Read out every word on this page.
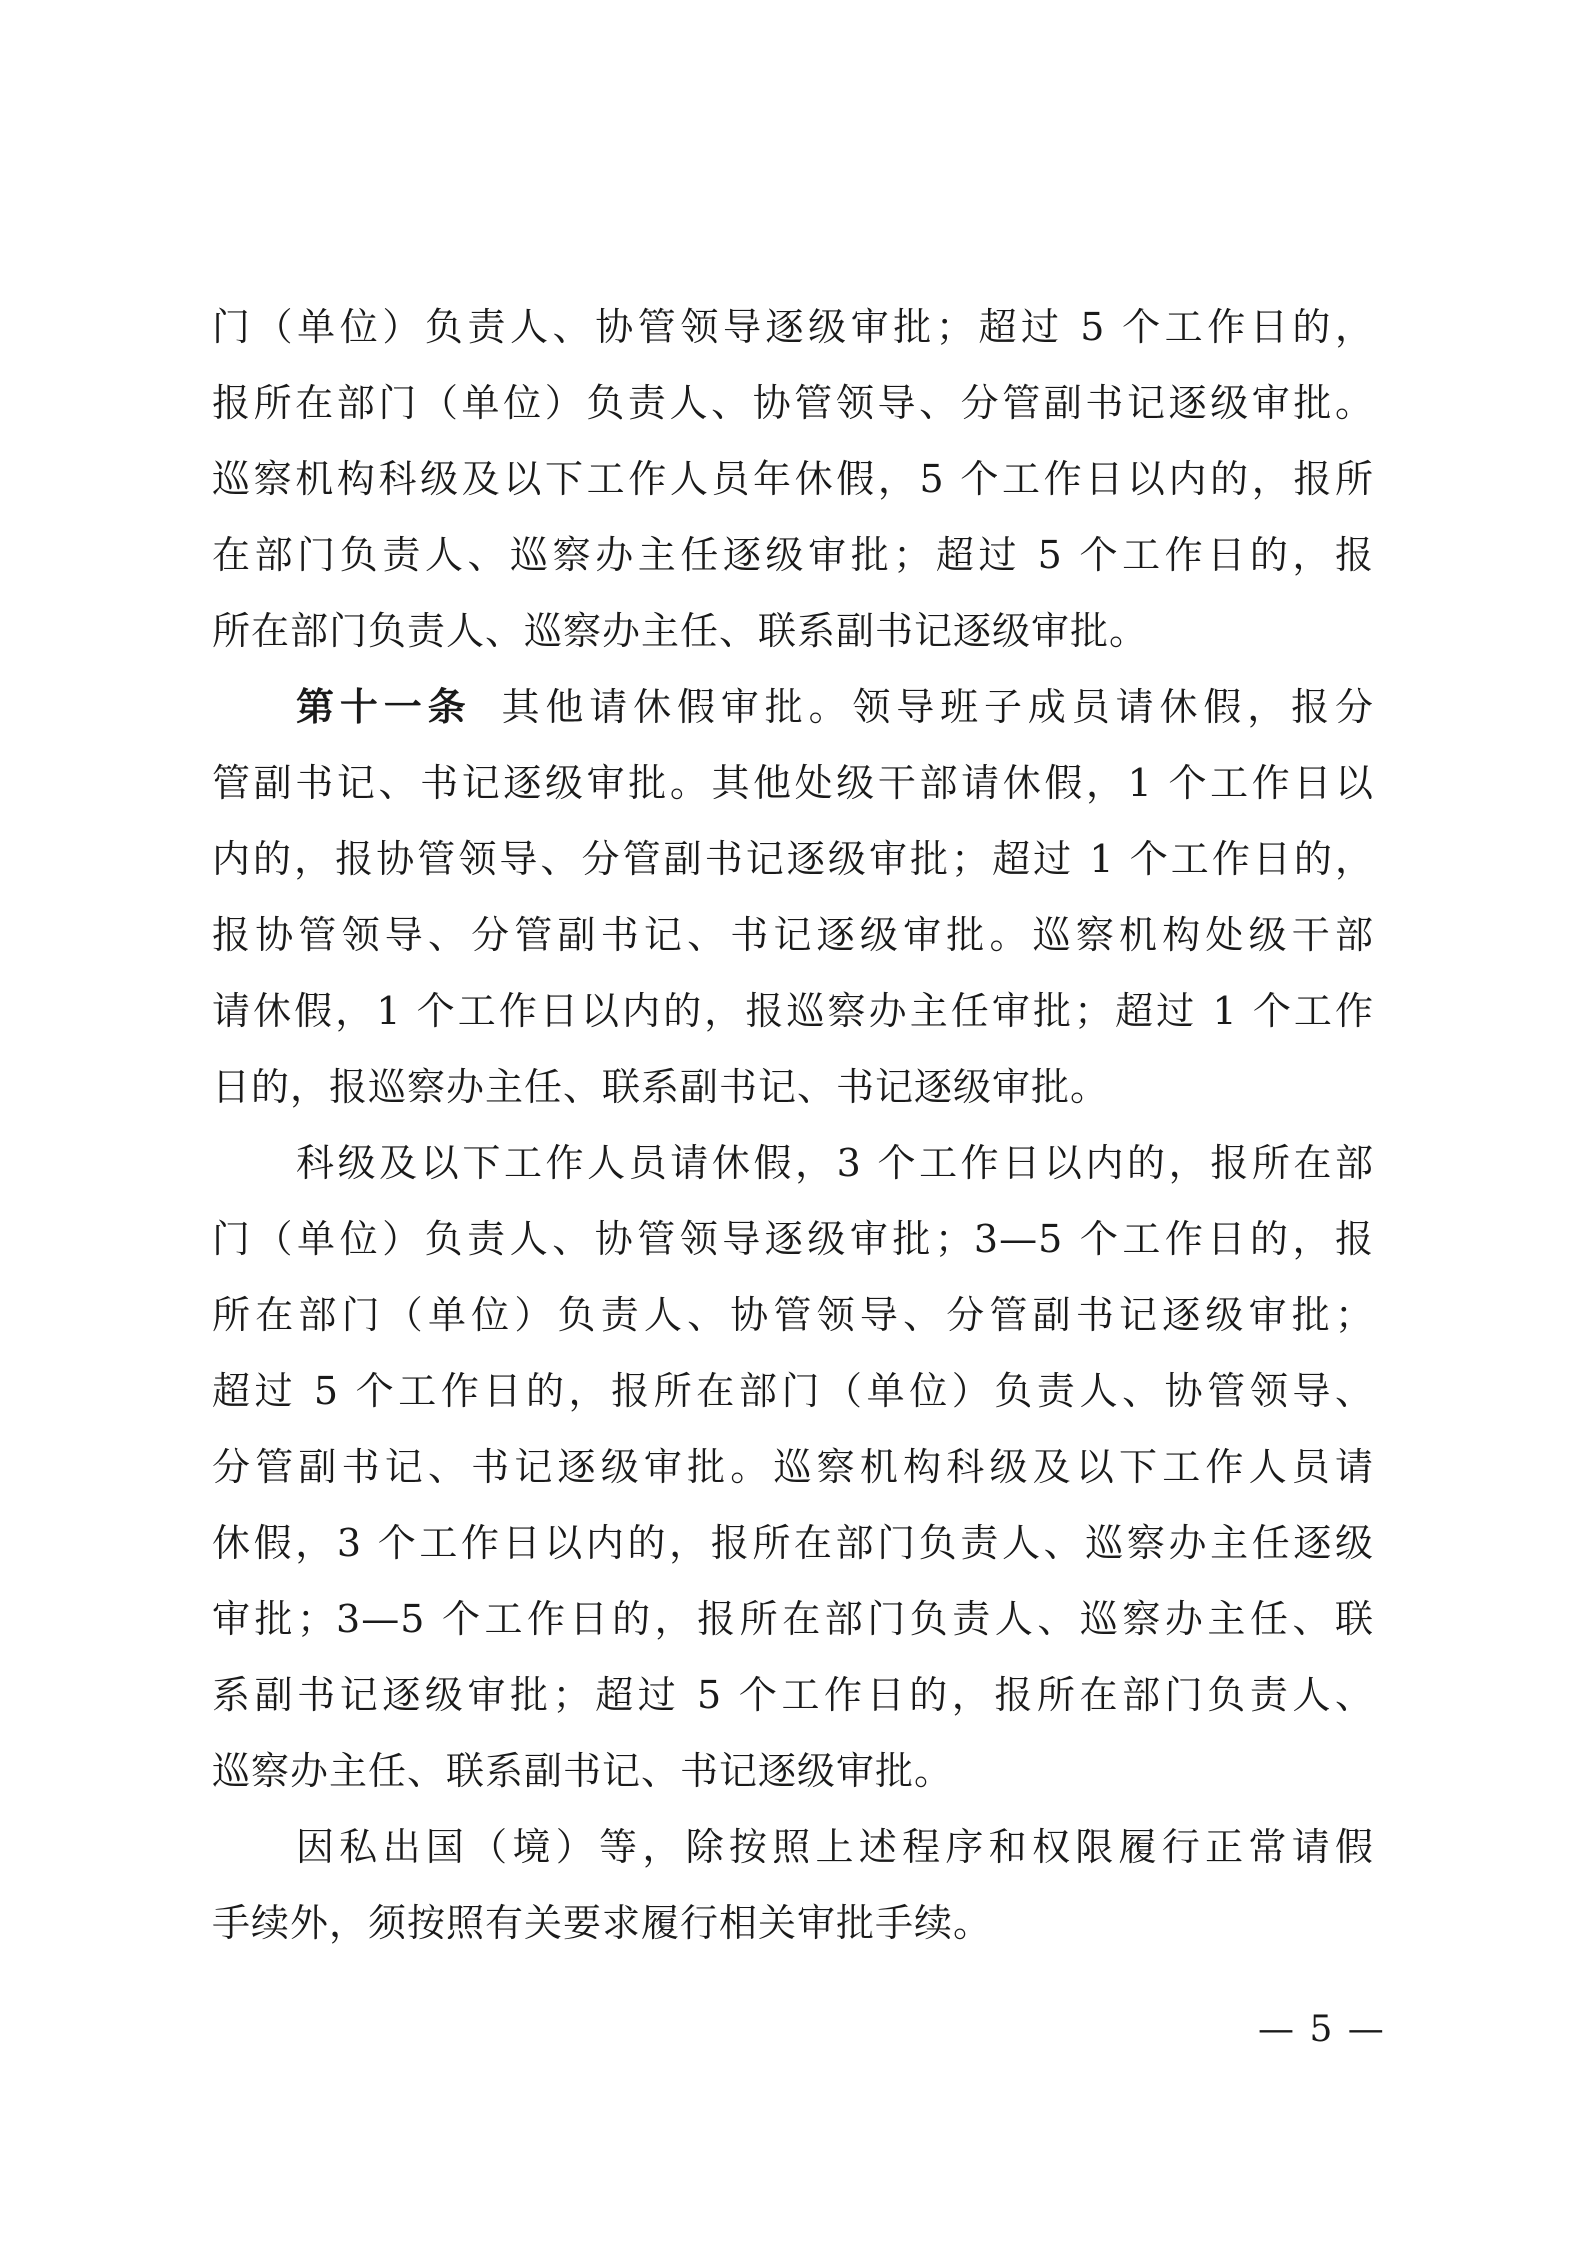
门（单位）负责人、协管领导逐级审批；超过 5 个工作日的，
报所在部门（单位）负责人、协管领导、分管副书记逐级审批。
巡察机构科级及以下工作人员年休假，5 个工作日以内的，报所
在部门负责人、巡察办主任逐级审批；超过 5 个工作日的，报
所在部门负责人、巡察办主任、联系副书记逐级审批。
第十一条 其他请休假审批。领导班子成员请休假，报分
管副书记、书记逐级审批。其他处级干部请休假，1 个工作日以
内的，报协管领导、分管副书记逐级审批；超过 1 个工作日的，
报协管领导、分管副书记、书记逐级审批。巡察机构处级干部
请休假，1 个工作日以内的，报巡察办主任审批；超过 1 个工作
日的，报巡察办主任、联系副书记、书记逐级审批。
科级及以下工作人员请休假，3 个工作日以内的，报所在部
门（单位）负责人、协管领导逐级审批；3—5 个工作日的，报
所在部门（单位）负责人、协管领导、分管副书记逐级审批；
超过 5 个工作日的，报所在部门（单位）负责人、协管领导、
分管副书记、书记逐级审批。巡察机构科级及以下工作人员请
休假，3 个工作日以内的，报所在部门负责人、巡察办主任逐级
审批；3—5 个工作日的，报所在部门负责人、巡察办主任、联
系副书记逐级审批；超过 5 个工作日的，报所在部门负责人、
巡察办主任、联系副书记、书记逐级审批。
因私出国（境）等，除按照上述程序和权限履行正常请假
手续外，须按照有关要求履行相关审批手续。
— 5 —
